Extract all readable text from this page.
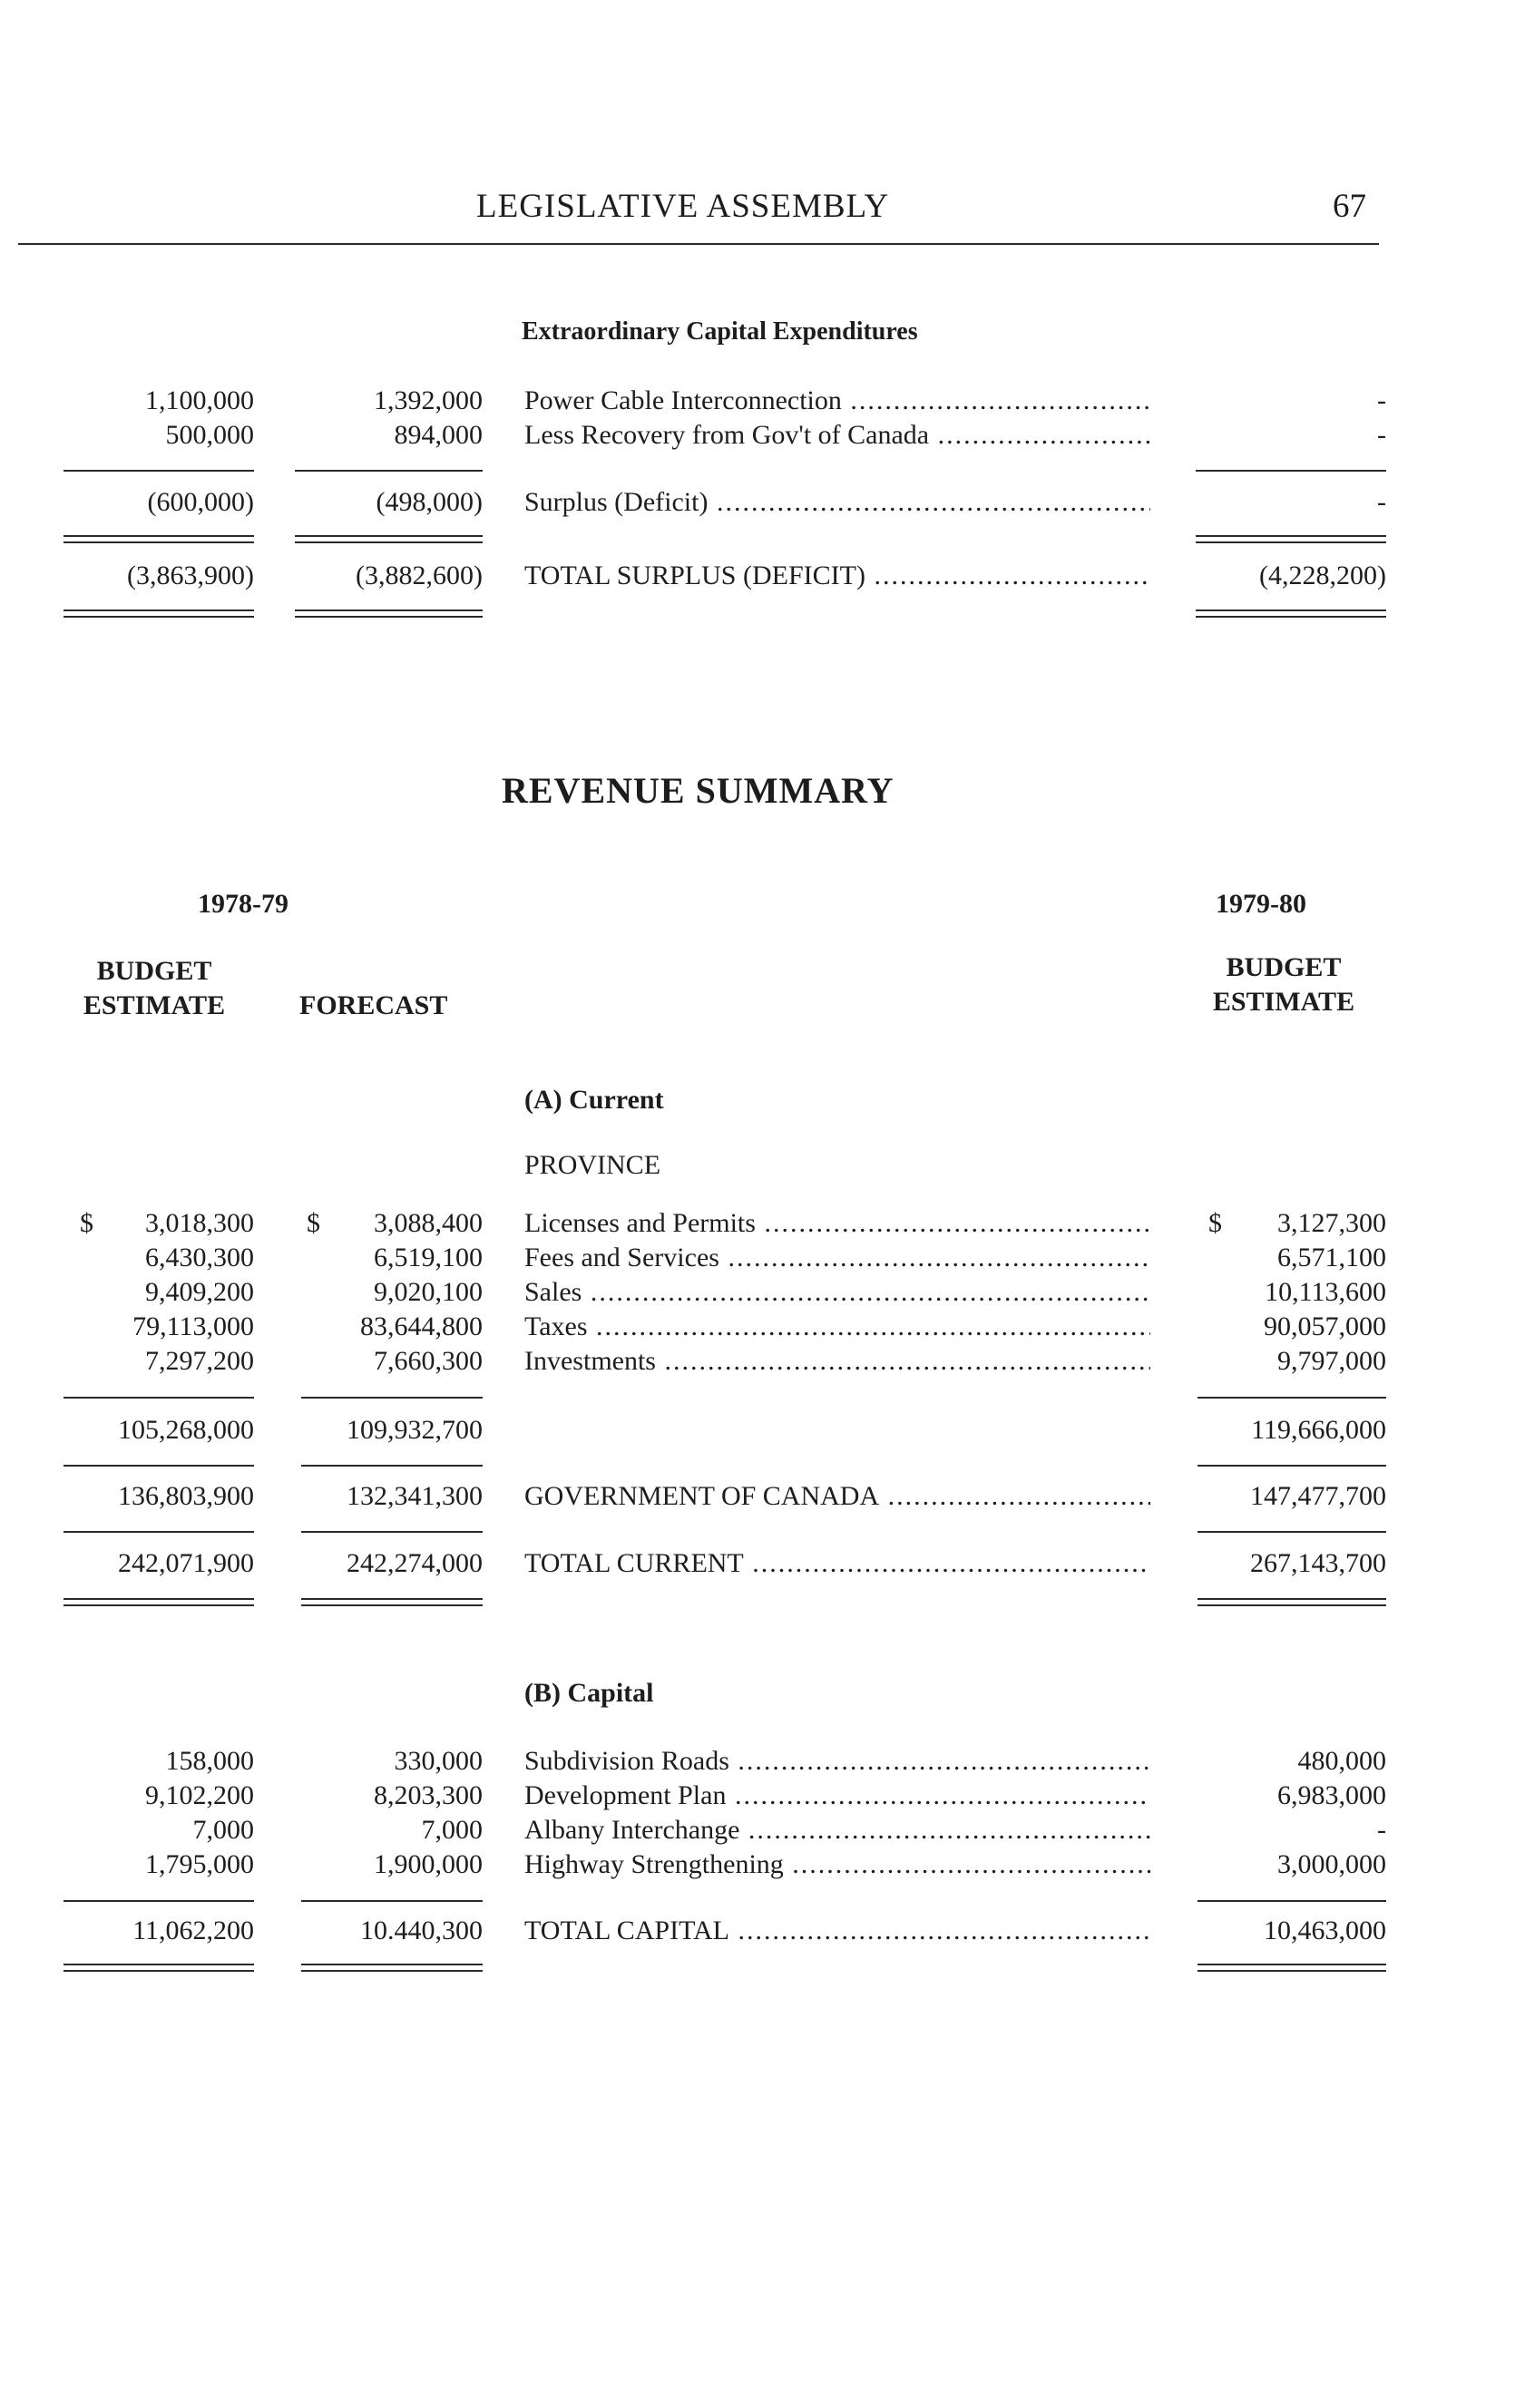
LEGISLATIVE ASSEMBLY	67
Extraordinary Capital Expenditures
1,100,000	1,392,000 Power Cable Interconnection .....	-
500,000	894,000 Less Recovery from Gov't of Canada .....	-
(600,000)	(498,000) Surplus (Deficit) .....	-
(3,863,900)	(3,882,600) TOTAL SURPLUS (DEFICIT) .....	(4,228,200)
REVENUE SUMMARY
1978-79	1979-80
BUDGET
ESTIMATE	FORECAST
BUDGET
ESTIMATE
(A) Current
PROVINCE
$ 3,018,300 $ 3,088,400 Licenses and Permits .....	$ 3,127,300
6,430,300	6,519,100 Fees and Services .....	6,571,100
9,409,200	9,020,100 Sales .....	10,113,600
79,113,000	83,644,800 Taxes .....	90,057,000
7,297,200	7,660,300 Investments .....	9,797,000
105,268,000	109,932,700	119,666,000
136,803,900	132,341,300 GOVERNMENT OF CANADA .....	147,477,700
242,071,900	242,274,000 TOTAL CURRENT .....	267,143,700
(B) Capital
158,000	330,000 Subdivision Roads .....	480,000
9,102,200	8,203,300 Development Plan .....	6,983,000
7,000	7,000 Albany Interchange .....	-
1,795,000	1,900,000 Highway Strengthening .....	3,000,000
11,062,200	10.440,300 TOTAL CAPITAL .....	10,463,000
